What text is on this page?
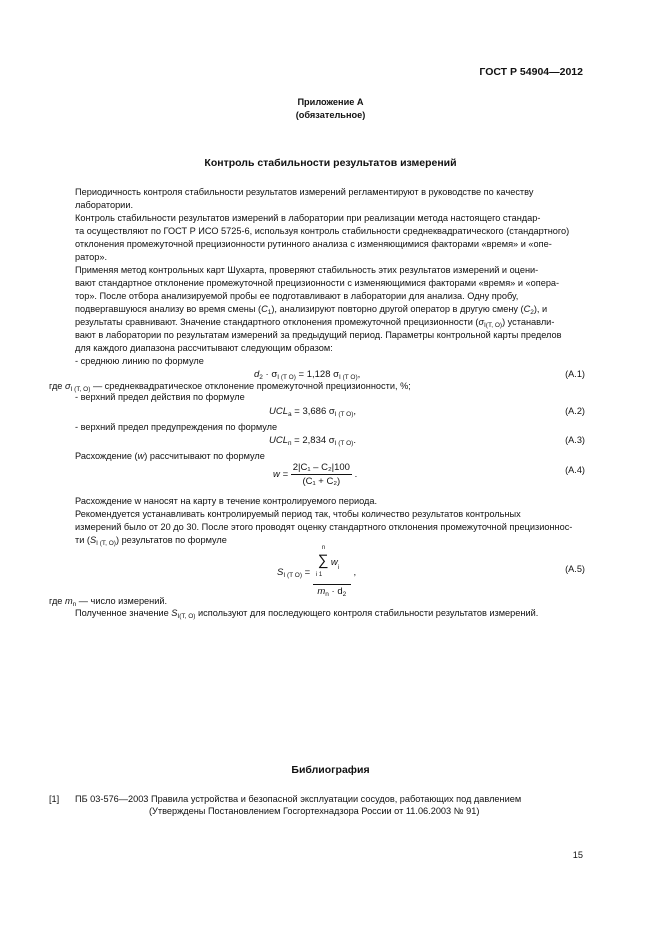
ГОСТ Р 54904—2012
Приложение А
(обязательное)
Контроль стабильности результатов измерений
Периодичность контроля стабильности результатов измерений регламентируют в руководстве по качеству
лаборатории.
Контроль стабильности результатов измерений в лаборатории при реализации метода настоящего стандар-
та осуществляют по ГОСТ Р ИСО 5725-6, используя контроль стабильности среднеквадратического (стандартного)
отклонения промежуточной прецизионности рутинного анализа с изменяющимися факторами «время» и «опе-
ратор».
Применяя метод контрольных карт Шухарта, проверяют стабильность этих результатов измерений и оцени-
вают стандартное отклонение промежуточной прецизионности с изменяющимися факторами «время» и «опера-
тор». После отбора анализируемой пробы ее подготавливают в лаборатории для анализа. Одну пробу,
подвергавшуюся анализу во время смены $(C_1)$, анализируют повторно другой оператор в другую смену $(C_2)$, и
результаты сравнивают. Значение стандартного отклонения промежуточной прецизионности $(\sigma_{I(T, O)})$ устанавли-
вают в лаборатории по результатам измерений за предыдущий период. Параметры контрольной карты пределов
для каждого диапазона рассчитывают следующим образом:
- среднюю линию по формуле
$d_2 \cdot \sigma_{I (T O)} = 1,128$ $\sigma_{I (T O)}$,	(А.1)
где $\sigma_{I (T, O)}$ — среднеквадратическое отклонение промежуточной прецизионности, %;
- верхний предел действия по формуле
$UCL_а = 3,686$ $\sigma_{I (T O)}$,	(А.2)
- верхний предел предупреждения по формуле
$UCL_п = 2,834$ $\sigma_{I (T O)}$.	(А.3)
Расхождение (w) рассчитывают по формуле
$w = \frac{\text{2|C₁ – C₂|100}}{\text{(C₁ + C₂)}}$ .	(А.4)
Расхождение w наносят на карту в течение контролируемого периода.
Рекомендуется устанавливать контролируемый период так, чтобы количество результатов контрольных
измерений было от 20 до 30. После этого проводят оценку стандартного отклонения промежуточной прецизионнос-
ти $(S_{I (T, O)})$ результатов по формуле
$S_{I (T O)} = n$
∑ w i
i 1
$m_n \cdot d_2$ ,	(А.5)
где $m_n$ — число измерений.
Полученное значение $S_{I(T, O)}$ используют для последующего контроля стабильности результатов измерений.
Библиография
[1] ПБ 03-576—2003 Правила устройства и безопасной эксплуатации сосудов, работающих под давлением
(Утверждены Постановлением Госгортехнадзора России от 11.06.2003 № 91)
15
